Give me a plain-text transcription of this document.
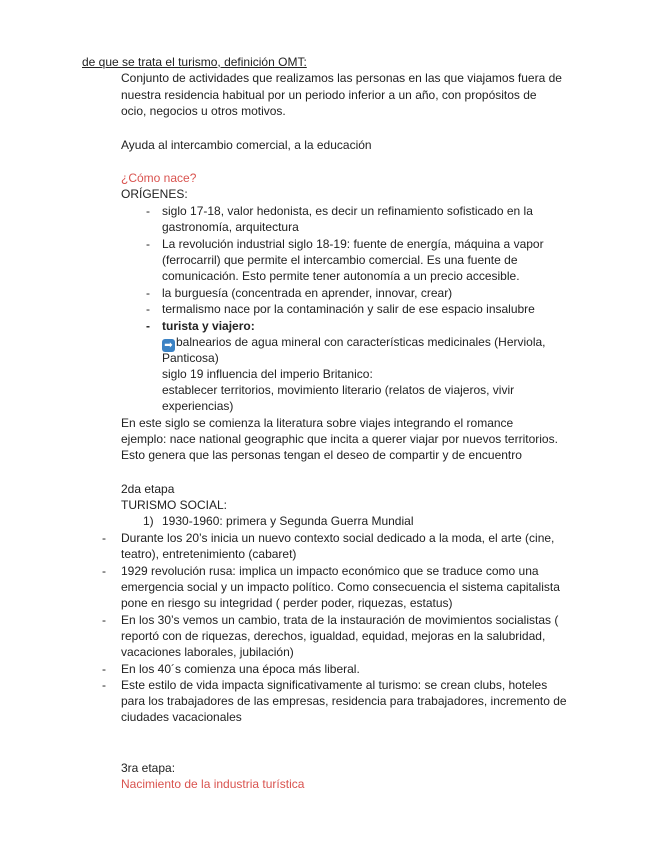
de que se trata el turismo, definición OMT:
Conjunto de actividades que realizamos las personas en las que viajamos fuera de
nuestra residencia habitual por un periodo inferior a un año, con propósitos de
ocio, negocios u otros motivos.
Ayuda al intercambio comercial, a la educación
¿Cómo nace?
ORÍGENES:
- siglo 17-18, valor hedonista, es decir un refinamiento sofisticado en la
gastronomía, arquitectura
- La revolución industrial siglo 18-19: fuente de energía, máquina a vapor
(ferrocarril) que permite el intercambio comercial. Es una fuente de
comunicación. Esto permite tener autonomía a un precio accesible.
- la burguesía (concentrada en aprender, innovar, crear)
- termalismo nace por la contaminación y salir de ese espacio insalubre
- turista y viajero:
➡ balnearios de agua mineral con características medicinales (Herviola,
Panticosa)
siglo 19 influencia del imperio Britanico:
establecer territorios, movimiento literario (relatos de viajeros, vivir
experiencias)
En este siglo se comienza la literatura sobre viajes integrando el romance
ejemplo: nace national geographic que incita a querer viajar por nuevos territorios.
Esto genera que las personas tengan el deseo de compartir y de encuentro
2da etapa
TURISMO SOCIAL:
1) 1930-1960: primera y Segunda Guerra Mundial
- Durante los 20’s inicia un nuevo contexto social dedicado a la moda, el arte (cine,
teatro), entretenimiento (cabaret)
- 1929 revolución rusa: implica un impacto económico que se traduce como una
emergencia social y un impacto político. Como consecuencia el sistema capitalista
pone en riesgo su integridad ( perder poder, riquezas, estatus)
- En los 30’s vemos un cambio, trata de la instauración de movimientos socialistas (
reportó con de riquezas, derechos, igualdad, equidad, mejoras en la salubridad,
vacaciones laborales, jubilación)
- En los 40´s comienza una época más liberal.
- Este estilo de vida impacta significativamente al turismo: se crean clubs, hoteles
para los trabajadores de las empresas, residencia para trabajadores, incremento de
ciudades vacacionales
3ra etapa:
Nacimiento de la industria turística
